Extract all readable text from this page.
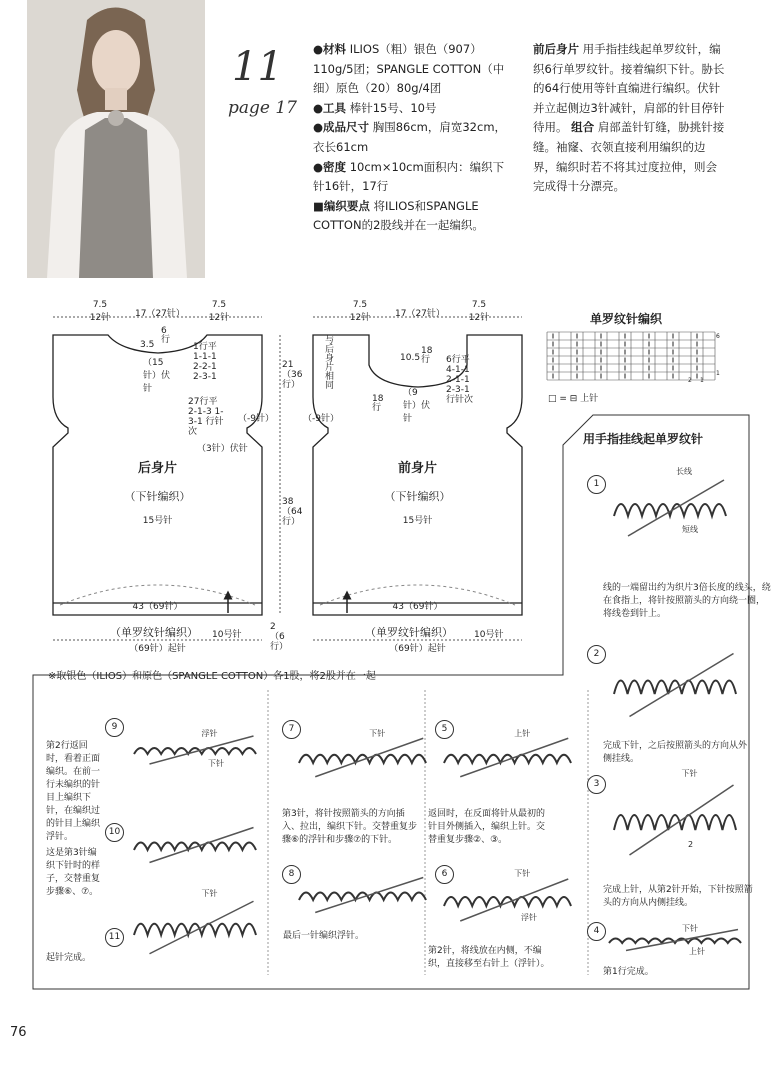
11
page 17

●材料 ILIOS（粗）银色（907）110g/5团；SPANGLE COTTON（中细）原色（20）80g/4团

●工具 棒针15号、10号

●成品尺寸 胸围86cm，肩宽32cm，衣长61cm

●密度 10cm×10cm面积内：编织下针16针，17行

■编织要点 将ILIOS和SPANGLE COTTON的2股线并在一起编织。

前后身片 用手指挂线起单罗纹针，编织6行单罗纹针。接着编织下针。胁长的64行使用等针直编进行编织。伏针并立起侧边3针减针，肩部的针目停针待用。 组合 肩部盖针钉缝，胁挑针接缝。袖窿、衣领直接利用编织的边界，编织时若不将其过度拉伸，则会完成得十分漂亮。

7.5
12针	17（27针）
7.5
12针
3.5
6行
（15针）伏针
1行平 1-1-1 2-2-1 2-3-1
27行平 2-1-3 1-3-1 行针次
（3针）伏针
（-9针）
21（36行）
38（64行）
后身片
（下针编织）
15号针
43（69针）
（单罗纹针编织） 10号针
2（6行）
（69针）起针
7.5
12针	17（27针）
7.5
12针
与后身片相同
10.5
18行
（9针）伏针
6行平 4-1-1 2-1-1 2-3-1 行针次
（-9针）
18行
前身片
（下针编织）
15号针
43（69针）
（单罗纹针编织） 10号针
（69针）起针
单罗纹针编织
6
1
2 1
□ = ⊟ 上针
※取银色（ILIOS）和原色（SPANGLE COTTON）各1股，将2股并在一起
用手指挂线起单罗纹针
1
线的一端留出约为织片3倍长度的线头，绕在食指上，将针按照箭头的方向绕一圈，将线卷到针上。
长线
短线
2
完成下针，之后按照箭头的方向从外侧挂线。
3
完成上针，从第2针开始，下针按照箭头的方向从内侧挂线。
下针
2
4
第1行完成。
下针
上针
5
返回时，在反面将针从最初的针目外侧插入，编织上针。交替重复步骤②、③。
上针
6
第2针，将线放在内侧，不编织，直接移至右针上（浮针）。
下针
浮针
7
第3针，将针按照箭头的方向插入、拉出，编织下针。交替重复步骤⑥的浮针和步骤⑦的下针。
下针
8
最后一针编织浮针。
9
第2行返回时，看着正面编织。在前一行未编织的针目上编织下针，在编织过的针目上编织浮针。
浮针
下针
10
这是第3针编织下针时的样子，交替重复步骤⑥、⑦。
11
起针完成。
下针
76
